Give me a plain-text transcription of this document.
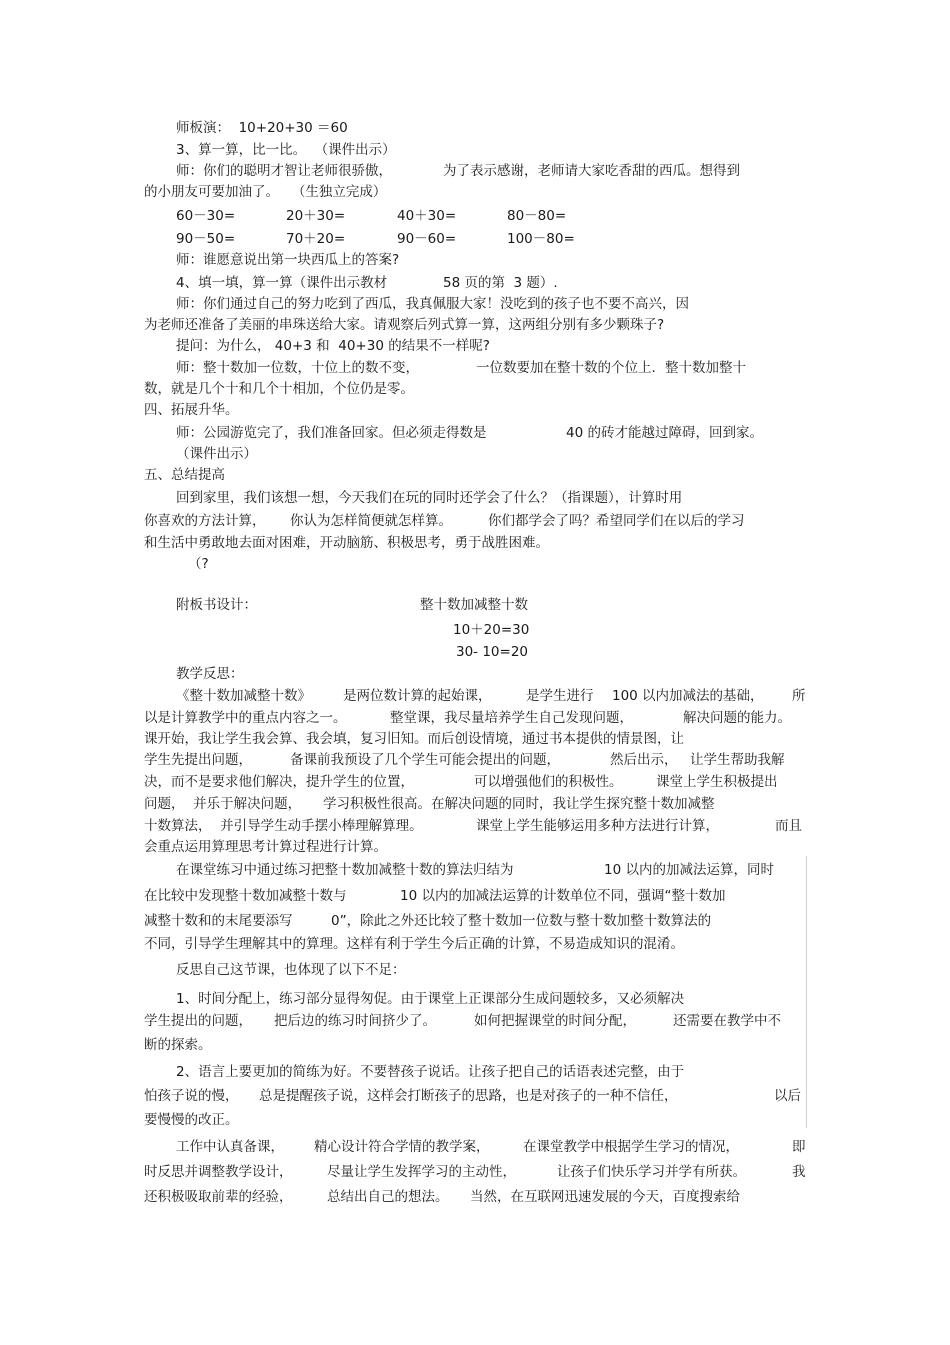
师板演：  10+20+30 ＝60
3、算一算，比一比。  （课件出示）
师：你们的聪明才智让老师很骄傲，	为了表示感谢，老师请大家吃香甜的西瓜。想得到
的小朋友可要加油了。   （生独立完成）
60－30=	20＋30=	40＋30=	80－80=
90－50=	70＋20=	90－60=	100－80=
师：谁愿意说出第一块西瓜上的答案?
4、填一填，算一算（课件出示教材	58 页的第  3 题）.
师：你们通过自己的努力吃到了西瓜，我真佩服大家！没吃到的孩子也不要不高兴，因
为老师还准备了美丽的串珠送给大家。请观察后列式算一算，这两组分别有多少颗珠子?
提问：为什么， 40+3 和  40+30 的结果不一样呢?
师：整十数加一位数，十位上的数不变，	一位数要加在整十数的个位上．整十数加整十
数，就是几个十和几个十相加，个位仍是零。
四、拓展升华。
师：公园游览完了，我们准备回家。但必须走得数是	40 的砖才能越过障碍，回到家。
（课件出示）
五、总结提高
回到家里，我们该想一想，今天我们在玩的同时还学会了什么？（指课题），计算时用
你喜欢的方法计算， 你认为怎样简便就怎样算。	你们都学会了吗？希望同学们在以后的学习
和生活中勇敢地去面对困难，开动脑筋、积极思考，勇于战胜困难。
（?
附板书设计：	整十数加减整十数
10＋20=30
30- 10=20
教学反思：
《整十数加减整十数》 是两位数计算的起始课，	是学生进行 100 以内加减法的基础， 所
以是计算教学中的重点内容之一。	整堂课，我尽量培养学生自己发现问题，	解决问题的能力。
课开始，我让学生我会算、我会填，复习旧知。而后创设情境，通过书本提供的情景图，让
学生先提出问题，	备课前我预设了几个学生可能会提出的问题，	然后出示， 让学生帮助我解
决，而不是要求他们解决，提升学生的位置，	可以增强他们的积极性。 课堂上学生积极提出
问题，  并乐于解决问题， 学习积极性很高。在解决问题的同时，我让学生探究整十数加减整
十数算法，  并引导学生动手摆小棒理解算理。	课堂上学生能够运用多种方法进行计算，	而且
会重点运用算理思考计算过程进行计算。
在课堂练习中通过练习把整十数加减整十数的算法归结为	10 以内的加减法运算，同时
在比较中发现整十数加减整十数与	10 以内的加减法运算的计数单位不同，强调“整十数加
减整十数和的末尾要添写	0”，除此之外还比较了整十数加一位数与整十数加整十数算法的
不同，引导学生理解其中的算理。这样有利于学生今后正确的计算，不易造成知识的混淆。
反思自己这节课，也体现了以下不足：
1、时间分配上，练习部分显得匆促。由于课堂上正课部分生成问题较多，又必须解决
学生提出的问题， 把后边的练习时间挤少了。	如何把握课堂的时间分配，	还需要在教学中不
断的探索。
2、语言上要更加的简练为好。不要替孩子说话。让孩子把自己的话语表述完整，由于
怕孩子说的慢， 总是提醒孩子说，这样会打断孩子的思路，也是对孩子的一种不信任，	以后
要慢慢的改正。
工作中认真备课， 精心设计符合学情的教学案， 在课堂教学中根据学生学习的情况，	即
时反思并调整教学设计，	尽量让学生发挥学习的主动性，	让孩子们快乐学习并学有所获。	我
还积极吸取前辈的经验，	总结出自己的想法。 当然，在互联网迅速发展的今天，百度搜索给
